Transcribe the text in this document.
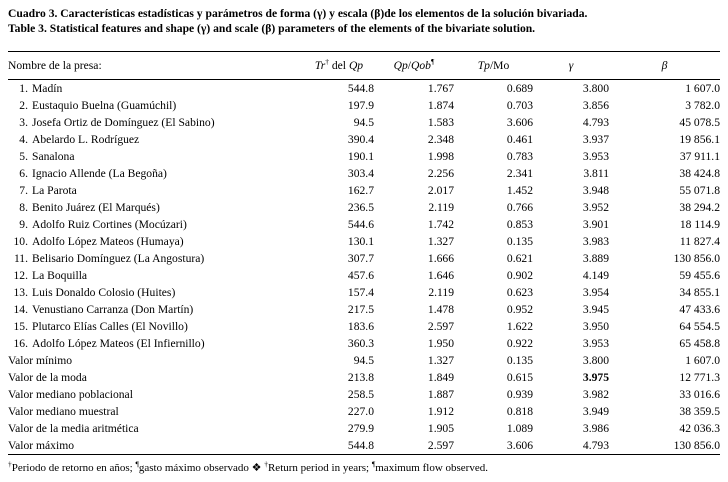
Cuadro 3. Características estadísticas y parámetros de forma (γ) y escala (β)de los elementos de la solución bivariada.
Table 3. Statistical features and shape (γ) and scale (β) parameters of the elements of the bivariate solution.
Nombre de la presa:	Tr† del Qp	Qp/Qob¶	Tp/Mo	γ	β
1. Madín	544.8	1.767	0.689	3.800	1 607.0
2. Eustaquio Buelna (Guamúchil)	197.9	1.874	0.703	3.856	3 782.0
3. Josefa Ortiz de Domínguez (El Sabino)	94.5	1.583	3.606	4.793	45 078.5
4. Abelardo L. Rodríguez	390.4	2.348	0.461	3.937	19 856.1
5. Sanalona	190.1	1.998	0.783	3.953	37 911.1
6. Ignacio Allende (La Begoña)	303.4	2.256	2.341	3.811	38 424.8
7. La Parota	162.7	2.017	1.452	3.948	55 071.8
8. Benito Juárez (El Marqués)	236.5	2.119	0.766	3.952	38 294.2
9. Adolfo Ruiz Cortines (Mocúzari)	544.6	1.742	0.853	3.901	18 114.9
10. Adolfo López Mateos (Humaya)	130.1	1.327	0.135	3.983	11 827.4
11. Belisario Domínguez (La Angostura)	307.7	1.666	0.621	3.889	130 856.0
12. La Boquilla	457.6	1.646	0.902	4.149	59 455.6
13. Luis Donaldo Colosio (Huites)	157.4	2.119	0.623	3.954	34 855.1
14. Venustiano Carranza (Don Martín)	217.5	1.478	0.952	3.945	47 433.6
15. Plutarco Elías Calles (El Novillo)	183.6	2.597	1.622	3.950	64 554.5
16. Adolfo López Mateos (El Infiernillo)	360.3	1.950	0.922	3.953	65 458.8
Valor mínimo	94.5	1.327	0.135	3.800	1 607.0
Valor de la moda	213.8	1.849	0.615	3.975	12 771.3
Valor mediano poblacional	258.5	1.887	0.939	3.982	33 016.6
Valor mediano muestral	227.0	1.912	0.818	3.949	38 359.5
Valor de la media aritmética	279.9	1.905	1.089	3.986	42 036.3
Valor máximo	544.8	2.597	3.606	4.793	130 856.0
†Periodo de retorno en años; ¶gasto máximo observado ❖ †Return period in years; ¶maximum flow observed.
